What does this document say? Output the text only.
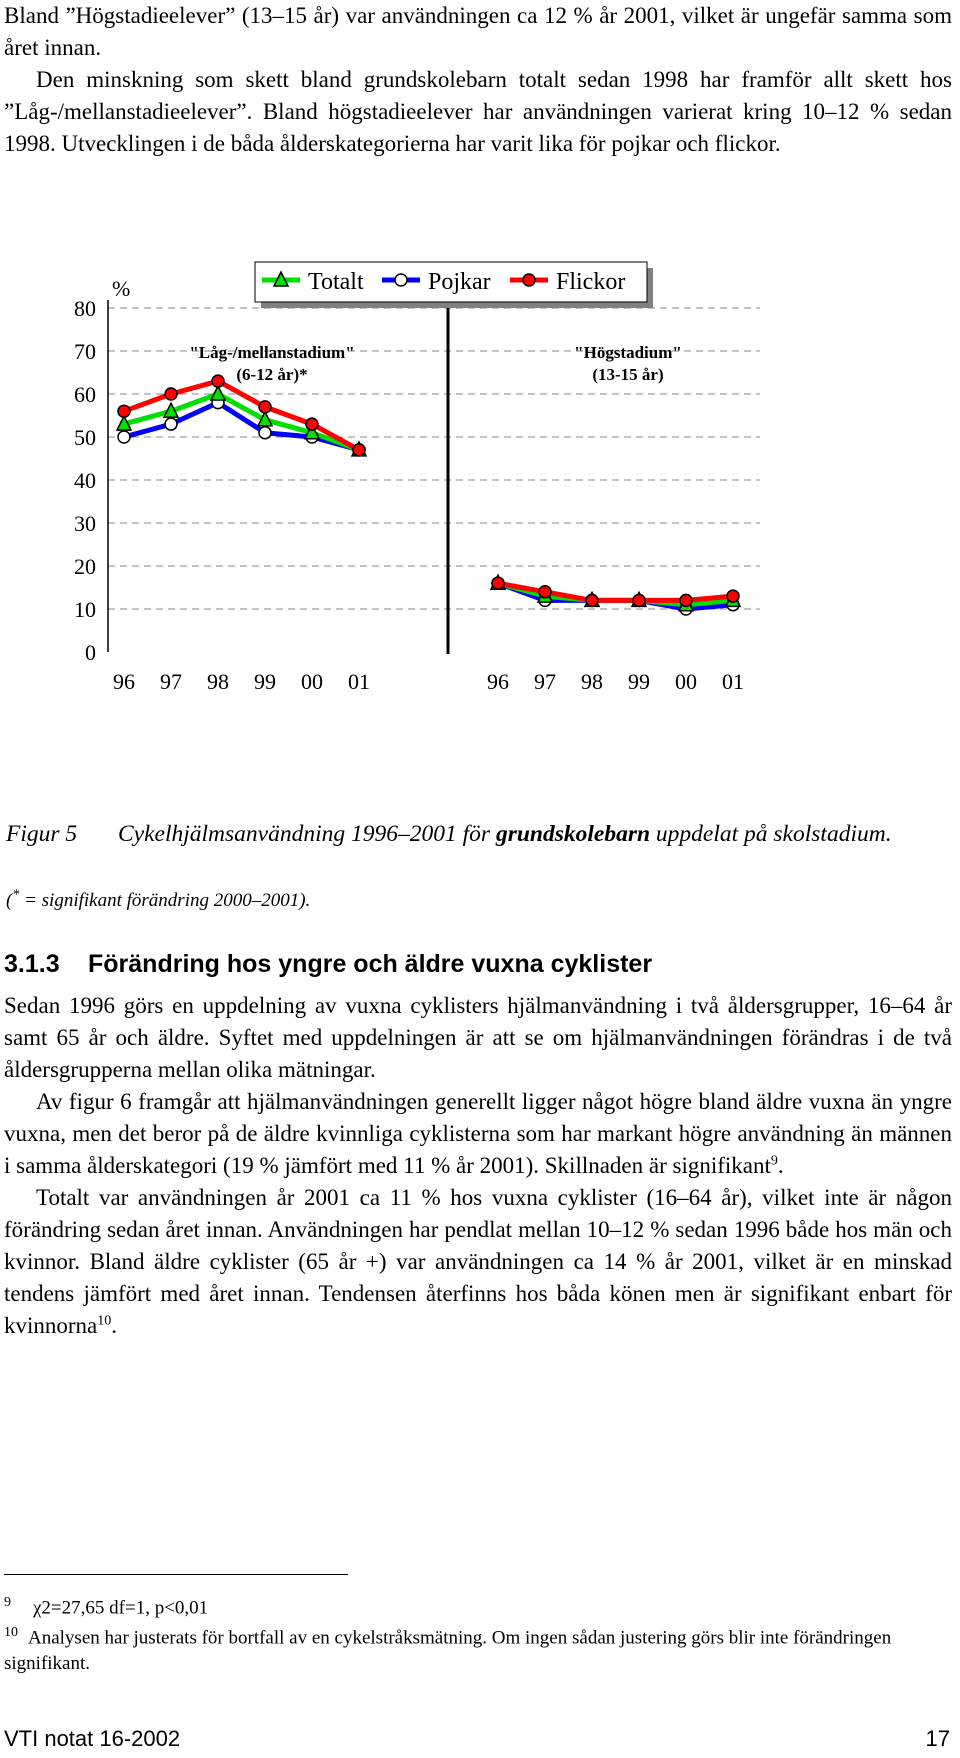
Bland ”Högstadieelever” (13–15 år) var användningen ca 12 % år 2001, vilket är ungefär samma som året innan.
Den minskning som skett bland grundskolebarn totalt sedan 1998 har framför allt skett hos ”Låg-/mellanstadieelever”. Bland högstadieelever har användningen varierat kring 10–12 % sedan 1998. Utvecklingen i de båda ålderskategorierna har varit lika för pojkar och flickor.
%
0
10
20
30
40
50
60
70
80
Totalt	Pojkar	Flickor
"Låg-/mellanstadium"
(6-12 år)*
"Högstadium"
(13-15 år)
96 97 98 99 00 01	96 97 98 99 00 01
Figur 5 Cykelhjälmsanvändning 1996–2001 för grundskolebarn uppdelat på skolstadium.
(* = signifikant förändring 2000–2001).
3.1.3 Förändring hos yngre och äldre vuxna cyklister
Sedan 1996 görs en uppdelning av vuxna cyklisters hjälmanvändning i två åldersgrupper, 16–64 år samt 65 år och äldre. Syftet med uppdelningen är att se om hjälmanvändningen förändras i de två åldersgrupperna mellan olika mätningar.
Av figur 6 framgår att hjälmanvändningen generellt ligger något högre bland äldre vuxna än yngre vuxna, men det beror på de äldre kvinnliga cyklisterna som har markant högre användning än männen i samma ålderskategori (19 % jämfört med 11 % år 2001). Skillnaden är signifikant$^9$.
Totalt var användningen år 2001 ca 11 % hos vuxna cyklister (16–64 år), vilket inte är någon förändring sedan året innan. Användningen har pendlat mellan 10–12 % sedan 1996 både hos män och kvinnor. Bland äldre cyklister (65 år +) var användningen ca 14 % år 2001, vilket är en minskad tendens jämfört med året innan. Tendensen återfinns hos båda könen men är signifikant enbart för kvinnorna$^{10}$.
$^9$ χ2=27,65 df=1, p<0,01
$^{10}$ Analysen har justerats för bortfall av en cykelstråksmätning. Om ingen sådan justering görs blir inte förändringen signifikant.
VTI notat 16-2002	17
